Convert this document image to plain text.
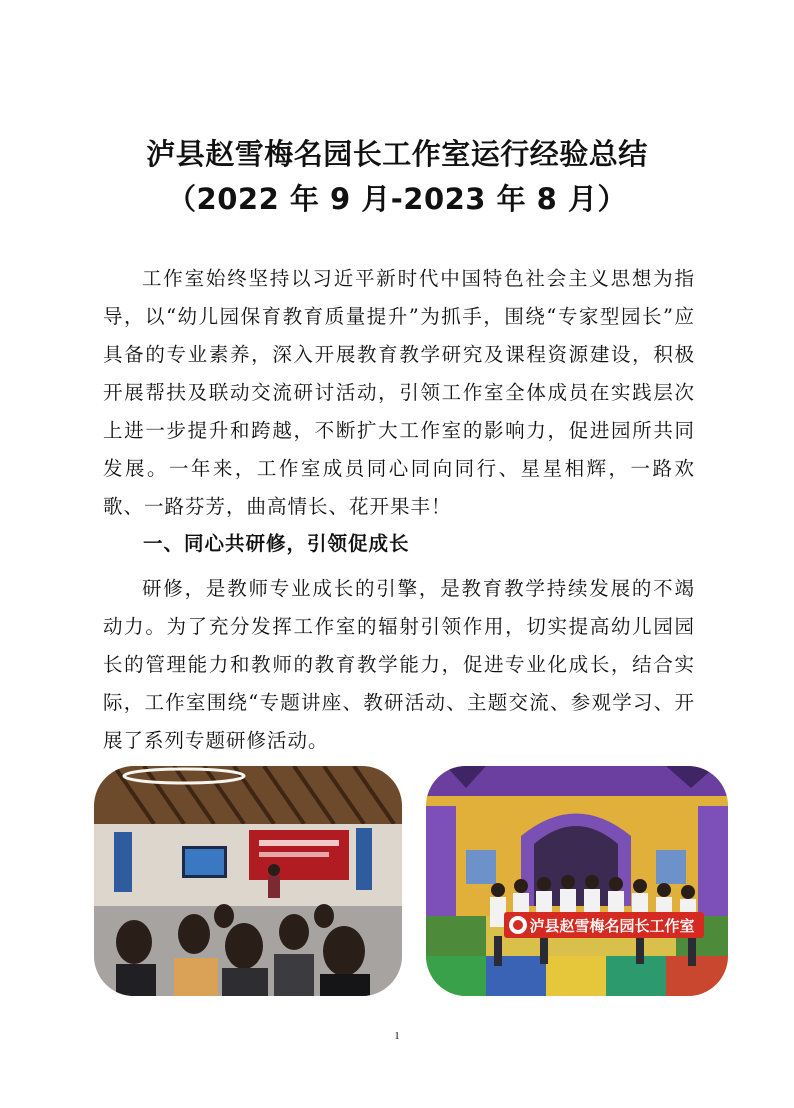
泸县赵雪梅名园长工作室运行经验总结
（2022 年 9 月-2023 年 8 月）

工作室始终坚持以习近平新时代中国特色社会主义思想为指导，以“幼儿园保育教育质量提升”为抓手，围绕“专家型园长”应具备的专业素养，深入开展教育教学研究及课程资源建设，积极开展帮扶及联动交流研讨活动，引领工作室全体成员在实践层次上进一步提升和跨越，不断扩大工作室的影响力，促进园所共同发展。一年来，工作室成员同心同向同行、星星相辉，一路欢歌、一路芬芳，曲高情长、花开果丰！

一、同心共研修，引领促成长

研修，是教师专业成长的引擎，是教育教学持续发展的不竭动力。为了充分发挥工作室的辐射引领作用，切实提高幼儿园园长的管理能力和教师的教育教学能力，促进专业化成长，结合实际，工作室围绕“专题讲座、教研活动、主题交流、参观学习、开展了系列专题研修活动。

泸县赵雪梅名园长工作室
1
